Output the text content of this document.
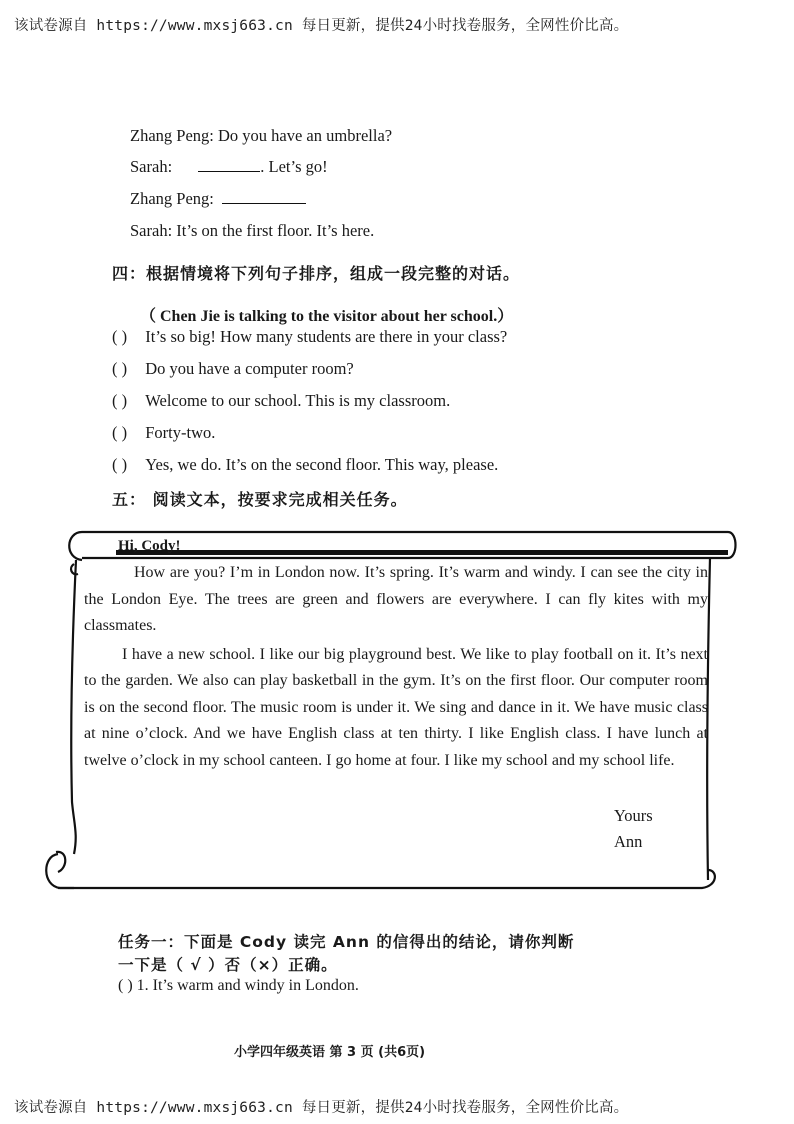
该试卷源自 https://www.mxsj663.cn 每日更新，提供24小时找卷服务，全网性价比高。
Zhang Peng: Do you have an umbrella?
Sarah:	. Let’s go!
Zhang Peng:
Sarah: It’s on the first floor. It’s here.
四：根据情境将下列句子排序，组成一段完整的对话。
（ Chen Jie is talking to the visitor about her school.）
( ) It’s so big! How many students are there in your class?
( ) Do you have a computer room?
( ) Welcome to our school. This is my classroom.
( ) Forty-two.
( ) Yes, we do. It’s on the second floor. This way, please.
五： 阅读文本，按要求完成相关任务。
Hi, Cody!

How are you? I’m in London now. It’s spring. It’s warm and windy. I can see the city in the London Eye. The trees are green and flowers are everywhere. I can fly kites with my classmates.

I have a new school. I like our big playground best. We like to play football on it. It’s next to the garden. We also can play basketball in the gym. It’s on the first floor. Our computer room is on the second floor. The music room is under it. We sing and dance in it. We have music class at nine o’clock. And we have English class at ten thirty. I like English class. I have lunch at twelve o’clock in my school canteen. I go home at four. I like my school and my school life.

Yours
Ann
任务一：下面是 Cody 读完 Ann 的信得出的结论，请你判断
一下是（ √ ）否（×）正确。
( ) 1. It’s warm and windy in London.
小学四年级英语 第 3 页 (共6页)
该试卷源自 https://www.mxsj663.cn 每日更新，提供24小时找卷服务，全网性价比高。
